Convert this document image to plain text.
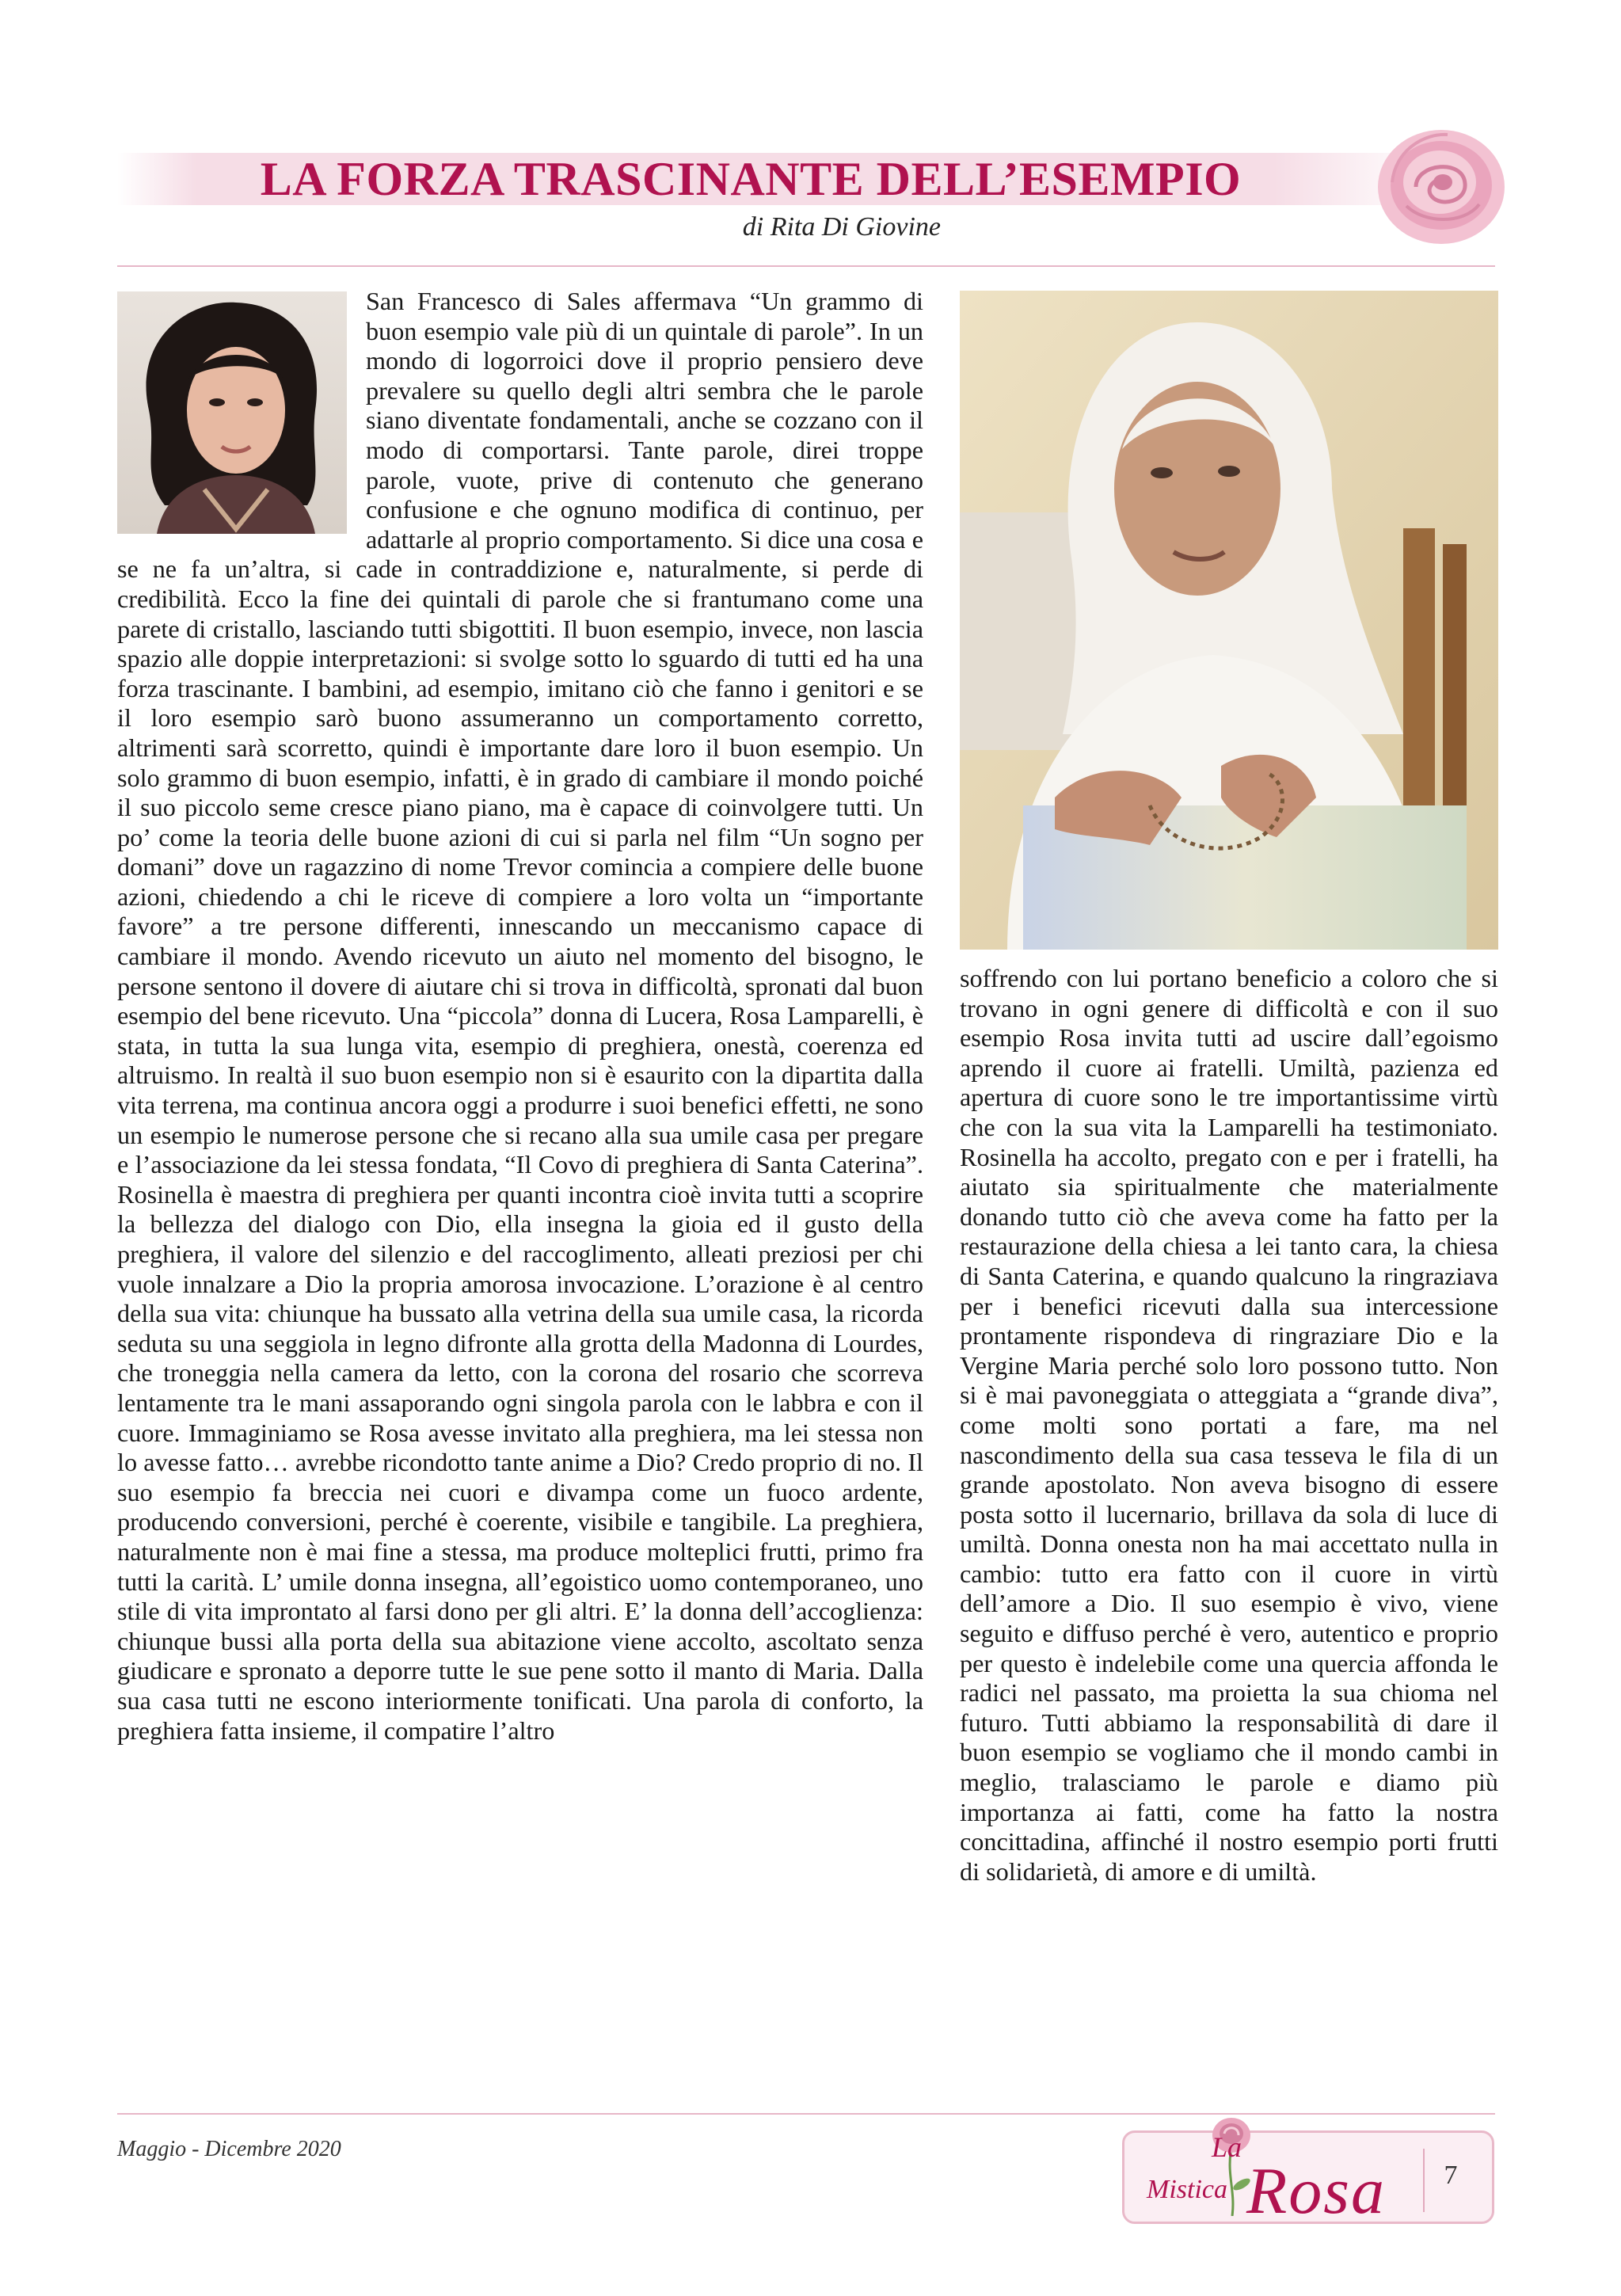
LA FORZA TRASCINANTE DELL’ESEMPIO
di Rita Di Giovine

San Francesco di Sales affermava “Un grammo di buon esempio vale più di un quintale di parole”. In un mondo di logorroici dove il proprio pensiero deve prevalere su quello degli altri sembra che le parole siano diventate fondamentali, anche se cozzano con il modo di comportarsi. Tante parole, direi troppe parole, vuote, prive di contenuto che generano confusione e che ognuno modifica di continuo, per adattarle al proprio comportamento. Si dice una cosa e se ne fa un’altra, si cade in contraddizione e, naturalmente, si perde di credibilità. Ecco la fine dei quintali di parole che si frantumano come una parete di cristallo, lasciando tutti sbigottiti. Il buon esempio, invece, non lascia spazio alle doppie interpretazioni: si svolge sotto lo sguardo di tutti ed ha una forza trascinante. I bambini, ad esempio, imitano ciò che fanno i genitori e se il loro esempio sarò buono assumeranno un comportamento corretto, altrimenti sarà scorretto, quindi è importante dare loro il buon esempio. Un solo grammo di buon esempio, infatti, è in grado di cambiare il mondo poiché il suo piccolo seme cresce piano piano, ma è capace di coinvolgere tutti. Un po’ come la teoria delle buone azioni di cui si parla nel film “Un sogno per domani” dove un ragazzino di nome Trevor comincia a compiere delle buone azioni, chiedendo a chi le riceve di compiere a loro volta un “importante favore” a tre persone differenti, innescando un meccanismo capace di cambiare il mondo. Avendo ricevuto un aiuto nel momento del bisogno, le persone sentono il dovere di aiutare chi si trova in difficoltà, spronati dal buon esempio del bene ricevuto. Una “piccola” donna di Lucera, Rosa Lamparelli, è stata, in tutta la sua lunga vita, esempio di preghiera, onestà, coerenza ed altruismo. In realtà il suo buon esempio non si è esaurito con la dipartita dalla vita terrena, ma continua ancora oggi a produrre i suoi benefici effetti, ne sono un esempio le numerose persone che si recano alla sua umile casa per pregare e l’associazione da lei stessa fondata, “Il Covo di preghiera di Santa Caterina”. Rosinella è maestra di preghiera per quanti incontra cioè invita tutti a scoprire la bellezza del dialogo con Dio, ella insegna la gioia ed il gusto della preghiera, il valore del silenzio e del raccoglimento, alleati preziosi per chi vuole innalzare a Dio la propria amorosa invocazione. L’orazione è al centro della sua vita: chiunque ha bussato alla vetrina della sua umile casa, la ricorda seduta su una seggiola in legno difronte alla grotta della Madonna di Lourdes, che troneggia nella camera da letto, con la corona del rosario che scorreva lentamente tra le mani assaporando ogni singola parola con le labbra e con il cuore. Immaginiamo se Rosa avesse invitato alla preghiera, ma lei stessa non lo avesse fatto… avrebbe ricondotto tante anime a Dio? Credo proprio di no. Il suo esempio fa breccia nei cuori e divampa come un fuoco ardente, producendo conversioni, perché è coerente, visibile e tangibile. La preghiera, naturalmente non è mai fine a stessa, ma produce molteplici frutti, primo fra tutti la carità. L’ umile donna insegna, all’egoistico uomo contemporaneo, uno stile di vita improntato al farsi dono per gli altri. E’ la donna dell’accoglienza: chiunque bussi alla porta della sua abitazione viene accolto, ascoltato senza giudicare e spronato a deporre tutte le sue pene sotto il manto di Maria. Dalla sua casa tutti ne escono interiormente tonificati. Una parola di conforto, la preghiera fatta insieme, il compatire l’altro

soffrendo con lui portano beneficio a coloro che si trovano in ogni genere di difficoltà e con il suo esempio Rosa invita tutti ad uscire dall’egoismo aprendo il cuore ai fratelli. Umiltà, pazienza ed apertura di cuore sono le tre importantissime virtù che con la sua vita la Lamparelli ha testimoniato. Rosinella ha accolto, pregato con e per i fratelli, ha aiutato sia spiritualmente che materialmente donando tutto ciò che aveva come ha fatto per la restaurazione della chiesa a lei tanto cara, la chiesa di Santa Caterina, e quando qualcuno la ringraziava per i benefici ricevuti dalla sua intercessione prontamente rispondeva di ringraziare Dio e la Vergine Maria perché solo loro possono tutto. Non si è mai pavoneggiata o atteggiata a “grande diva”, come molti sono portati a fare, ma nel nascondimento della sua casa tesseva le fila di un grande apostolato. Non aveva bisogno di essere posta sotto il lucernario, brillava da sola di luce di umiltà. Donna onesta non ha mai accettato nulla in cambio: tutto era fatto con il cuore in virtù dell’amore a Dio. Il suo esempio è vivo, viene seguito e diffuso perché è vero, autentico e proprio per questo è indelebile come una quercia affonda le radici nel passato, ma proietta la sua chioma nel futuro. Tutti abbiamo la responsabilità di dare il buon esempio se vogliamo che il mondo cambi in meglio, tralasciamo le parole e diamo più importanza ai fatti, come ha fatto la nostra concittadina, affinché il nostro esempio porti frutti di solidarietà, di amore e di umiltà.

Maggio - Dicembre 2020	La
Mistica Rosa	7
